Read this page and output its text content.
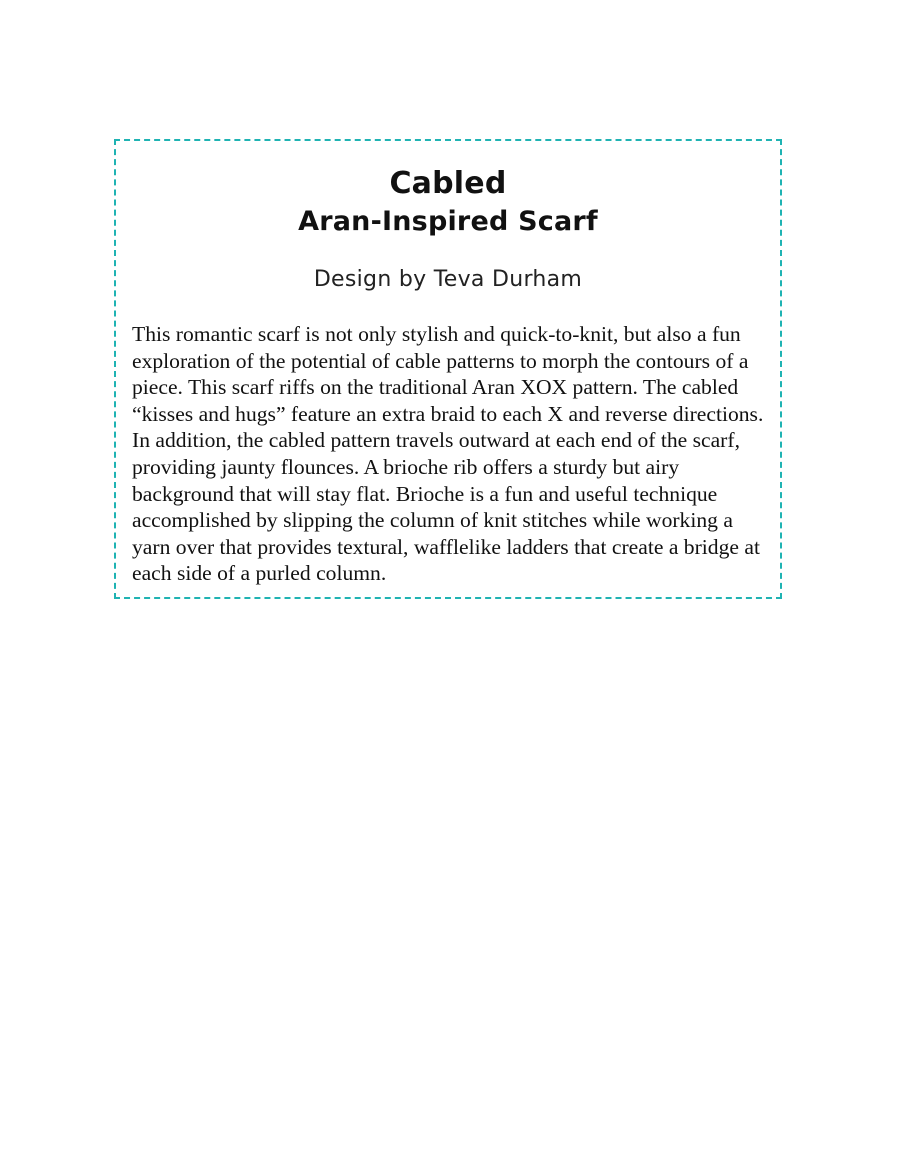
Cabled
Aran-Inspired Scarf
Design by Teva Durham

This romantic scarf is not only stylish and quick-to-knit, but also a fun exploration of the potential of cable patterns to morph the contours of a piece. This scarf riffs on the traditional Aran XOX pattern. The cabled “kisses and hugs” feature an extra braid to each X and reverse directions. In addition, the cabled pattern travels outward at each end of the scarf, providing jaunty flounces. A brioche rib offers a sturdy but airy background that will stay flat. Brioche is a fun and useful technique accomplished by slipping the column of knit stitches while working a yarn over that provides textural, wafflelike ladders that create a bridge at each side of a purled column.
